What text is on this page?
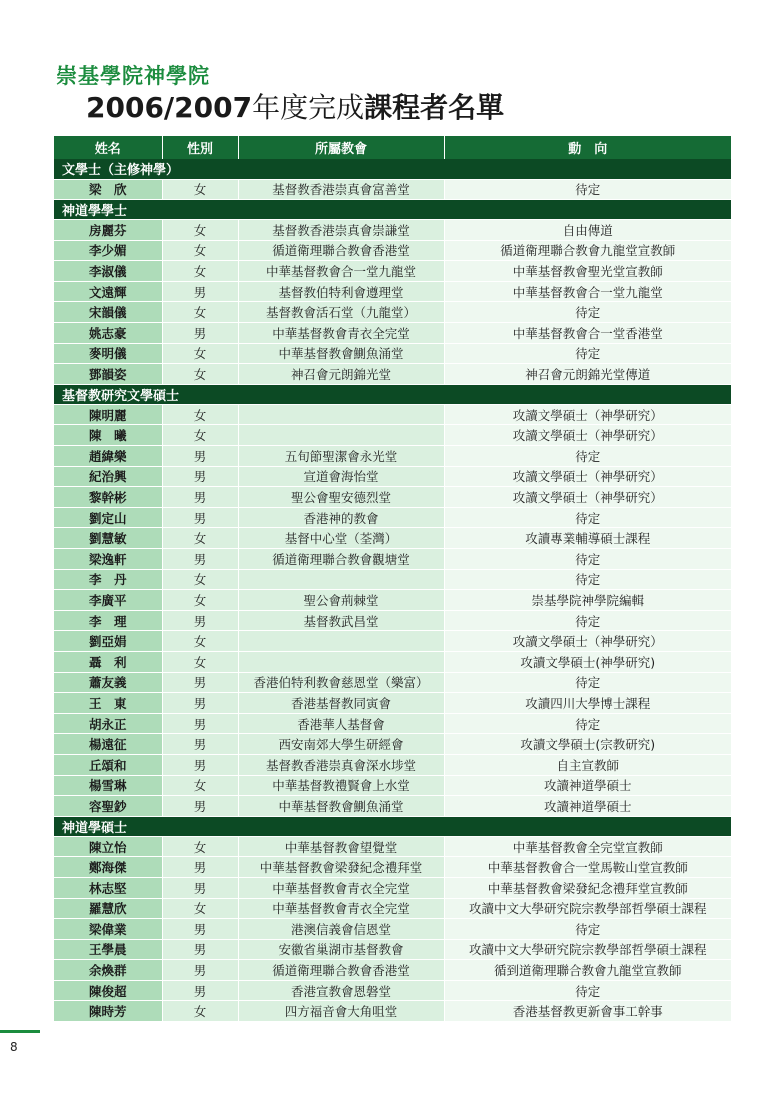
崇基學院神學院
2006/2007年度完成課程者名單
姓名	性別	所屬教會	動　向
文學士（主修神學）			
梁　欣	女	基督教香港崇真會富善堂	待定
神道學學士			
房麗芬	女	基督教香港崇真會崇謙堂	自由傳道
李少媚	女	循道衛理聯合教會香港堂	循道衛理聯合教會九龍堂宣教師
李淑儀	女	中華基督教會合一堂九龍堂	中華基督教會聖光堂宣教師
文遠輝	男	基督教伯特利會遵理堂	中華基督教會合一堂九龍堂
宋韻儀	女	基督教會活石堂（九龍堂）	待定
姚志豪	男	中華基督教會青衣全完堂	中華基督教會合一堂香港堂
麥明儀	女	中華基督教會鰂魚涌堂	待定
鄧韻姿	女	神召會元朗錦光堂	神召會元朗錦光堂傳道
基督教研究文學碩士			
陳明麗	女		攻讀文學碩士（神學研究）
陳　曦	女		攻讀文學碩士（神學研究）
趙緯樂	男	五旬節聖潔會永光堂	待定
紀治興	男	宣道會海怡堂	攻讀文學碩士（神學研究）
黎幹彬	男	聖公會聖安德烈堂	攻讀文學碩士（神學研究）
劉定山	男	香港神的教會	待定
劉慧敏	女	基督中心堂（荃灣）	攻讀專業輔導碩士課程
梁逸軒	男	循道衛理聯合教會觀塘堂	待定
李　丹	女		待定
李廣平	女	聖公會荊棘堂	崇基學院神學院編輯
李　理	男	基督教武昌堂	待定
劉亞娟	女		攻讀文學碩士（神學研究）
聶　利	女		攻讀文學碩士(神學研究)
蕭友義	男	香港伯特利教會慈恩堂（樂富）	待定
王　東	男	香港基督教同寅會	攻讀四川大學博士課程
胡永正	男	香港華人基督會	待定
楊遠征	男	西安南郊大學生研經會	攻讀文學碩士(宗教研究)
丘頌和	男	基督教香港崇真會深水埗堂	自主宣教師
楊雪琳	女	中華基督教禮賢會上水堂	攻讀神道學碩士
容聖鈔	男	中華基督教會鰂魚涌堂	攻讀神道學碩士
神道學碩士			
陳立怡	女	中華基督教會望覺堂	中華基督教會全完堂宣教師
鄭海傑	男	中華基督教會梁發紀念禮拜堂	中華基督教會合一堂馬鞍山堂宣教師
林志堅	男	中華基督教會青衣全完堂	中華基督教會梁發紀念禮拜堂宣教師
羅慧欣	女	中華基督教會青衣全完堂	攻讀中文大學研究院宗教學部哲學碩士課程
梁偉業	男	港澳信義會信恩堂	待定
王學晨	男	安徽省巢湖市基督教會	攻讀中文大學研究院宗教學部哲學碩士課程
余煥群	男	循道衛理聯合教會香港堂	循到道衛理聯合教會九龍堂宣教師
陳俊超	男	香港宣教會恩磐堂	待定
陳時芳	女	四方福音會大角咀堂	香港基督教更新會事工幹事
8
